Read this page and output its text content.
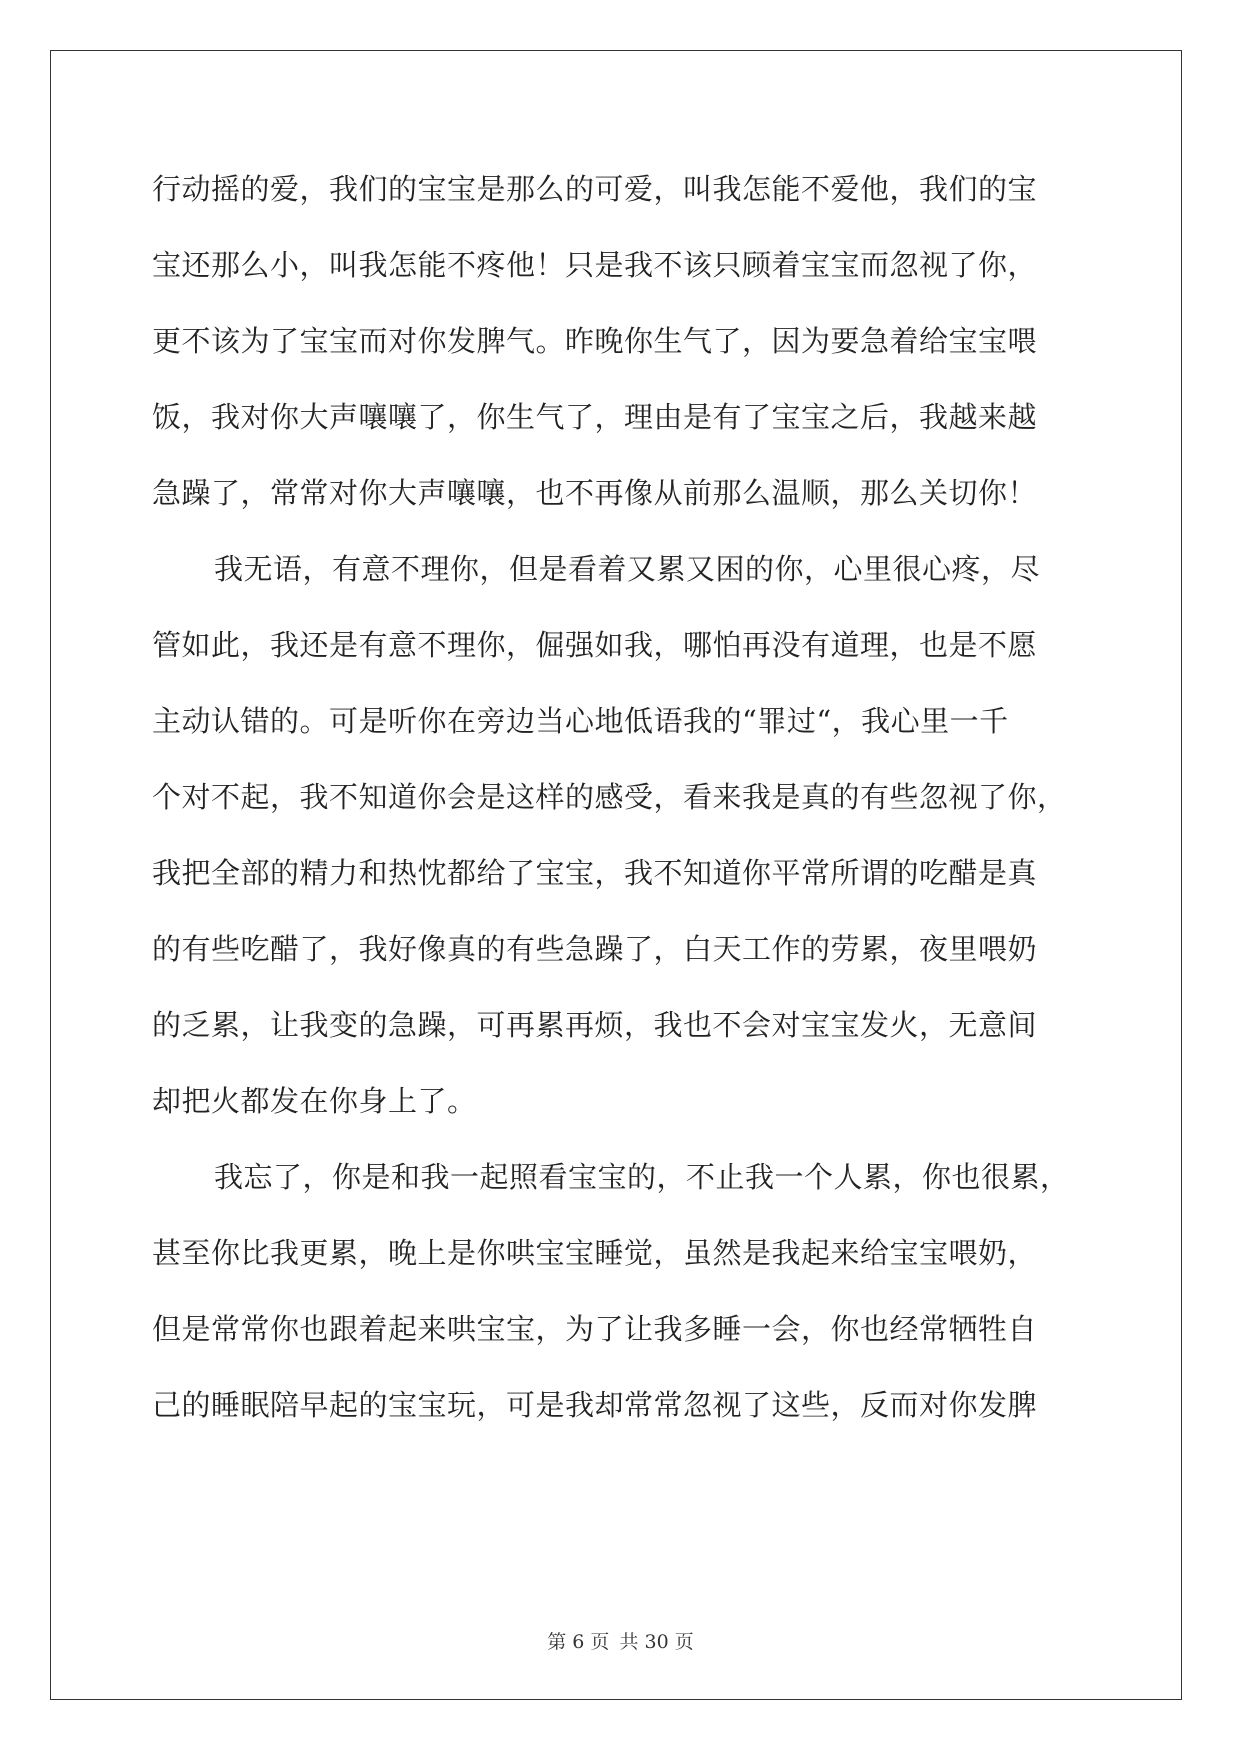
行动摇的爱，我们的宝宝是那么的可爱，叫我怎能不爱他，我们的宝
宝还那么小，叫我怎能不疼他！只是我不该只顾着宝宝而忽视了你，
更不该为了宝宝而对你发脾气。昨晚你生气了，因为要急着给宝宝喂
饭，我对你大声嚷嚷了，你生气了，理由是有了宝宝之后，我越来越
急躁了，常常对你大声嚷嚷，也不再像从前那么温顺，那么关切你！
我无语，有意不理你，但是看着又累又困的你，心里很心疼，尽
管如此，我还是有意不理你，倔强如我，哪怕再没有道理，也是不愿
主动认错的。可是听你在旁边当心地低语我的“罪过“，我心里一千
个对不起，我不知道你会是这样的感受，看来我是真的有些忽视了你，
我把全部的精力和热忱都给了宝宝，我不知道你平常所谓的吃醋是真
的有些吃醋了，我好像真的有些急躁了，白天工作的劳累，夜里喂奶
的乏累，让我变的急躁，可再累再烦，我也不会对宝宝发火，无意间
却把火都发在你身上了。
我忘了，你是和我一起照看宝宝的，不止我一个人累，你也很累，
甚至你比我更累，晚上是你哄宝宝睡觉，虽然是我起来给宝宝喂奶，
但是常常你也跟着起来哄宝宝，为了让我多睡一会，你也经常牺牲自
己的睡眠陪早起的宝宝玩，可是我却常常忽视了这些，反而对你发脾
第 6 页 共 30 页
